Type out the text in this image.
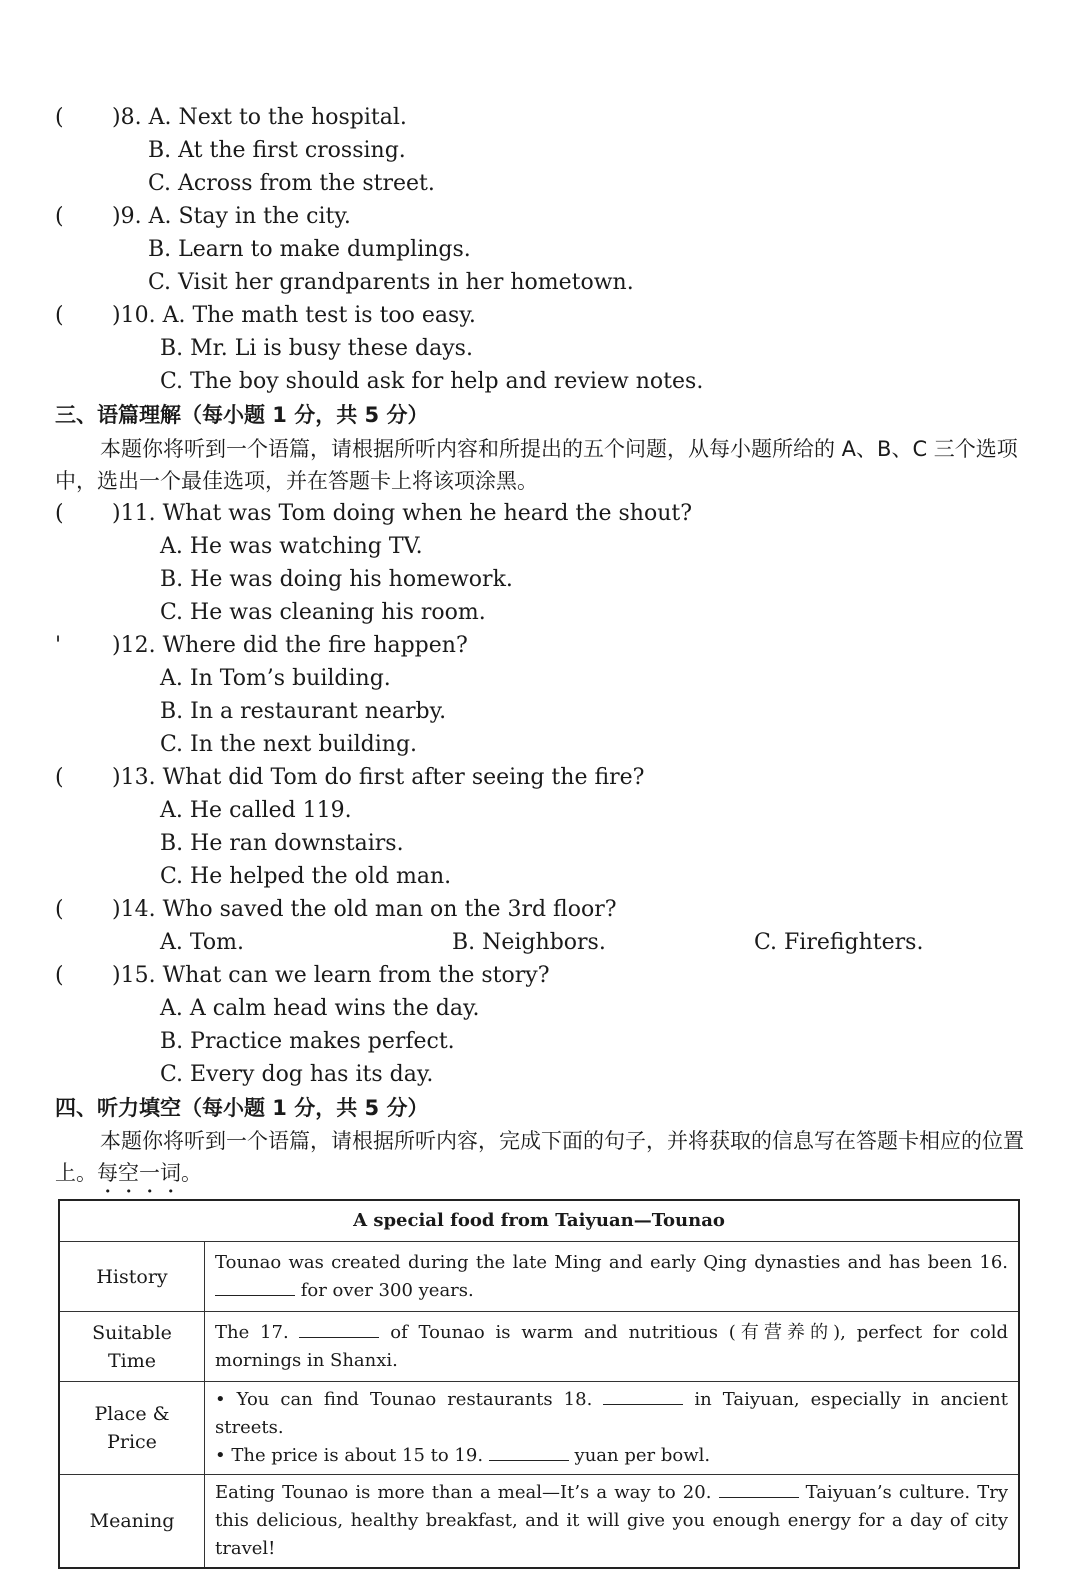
( )8. A. Next to the hospital.
B. At the first crossing.
C. Across from the street.
( )9. A. Stay in the city.
B. Learn to make dumplings.
C. Visit her grandparents in her hometown.
( )10. A. The math test is too easy.
B. Mr. Li is busy these days.
C. The boy should ask for help and review notes.
三、语篇理解（每小题 1 分，共 5 分）
本题你将听到一个语篇，请根据所听内容和所提出的五个问题，从每小题所给的 A、B、C 三个选项中，选出一个最佳选项，并在答题卡上将该项涂黑。
( )11. What was Tom doing when he heard the shout?
A. He was watching TV.
B. He was doing his homework.
C. He was cleaning his room.
' )12. Where did the fire happen?
A. In Tom’s building.
B. In a restaurant nearby.
C. In the next building.
( )13. What did Tom do first after seeing the fire?
A. He called 119.
B. He ran downstairs.
C. He helped the old man.
( )14. Who saved the old man on the 3rd floor?
A. Tom.	B. Neighbors.	C. Firefighters.
( )15. What can we learn from the story?
A. A calm head wins the day.
B. Practice makes perfect.
C. Every dog has its day.
四、听力填空（每小题 1 分，共 5 分）
本题你将听到一个语篇，请根据所听内容，完成下面的句子，并将获取的信息写在答题卡相应的位置上。每空一词。
A special food from Taiyuan—Tounao	
History	Tounao was created during the late Ming and early Qing dynasties and has been 16.  for over 300 years.
Suitable Time	The 17. of Tounao is warm and nutritious (有营养的), perfect for cold mornings in Shanxi.
Place & Price	• You can find Tounao restaurants 18. in Taiyuan, especially in ancient streets.
• The price is about 15 to 19. yuan per bowl.

Meaning	Eating Tounao is more than a meal—It’s a way to 20. Taiyuan’s culture. Try this delicious, healthy breakfast, and it will give you enough energy for a day of city travel!
